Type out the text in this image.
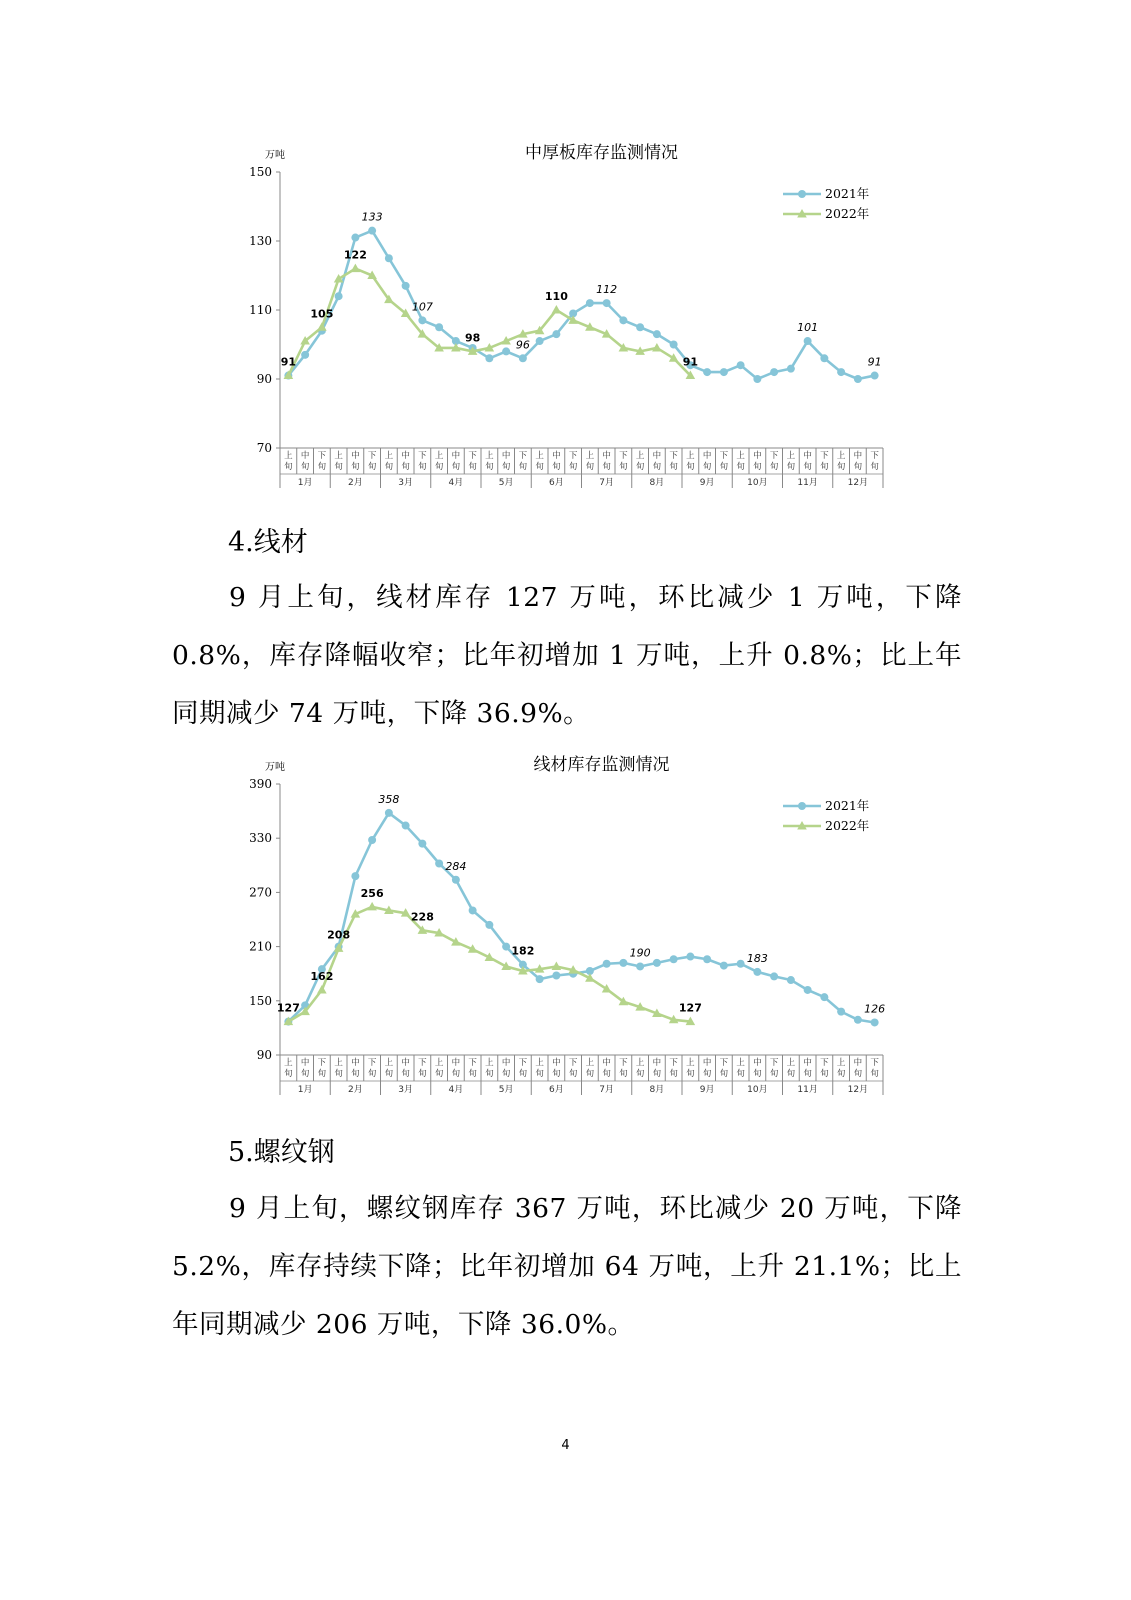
中厚板库存监测情况
万吨
70
90
110
130
150
上
旬
中
旬
下
旬
上
旬
中
旬
下
旬
上
旬
中
旬
下
旬
上
旬
中
旬
下
旬
上
旬
中
旬
下
旬
上
旬
中
旬
下
旬
上
旬
中
旬
下
旬
上
旬
中
旬
下
旬
上
旬
中
旬
下
旬
上
旬
中
旬
下
旬
上
旬
中
旬
下
旬
上
旬
中
旬
下
旬
1月	2月	3月	4月	5月	6月	7月	8月	9月	10月	11月	12月
2021年
2022年
91
105
122
133
107
98
96
110
112
91
101
91
4.线材
9 月上旬，线材库存 127 万吨，环比减少 1 万吨，下降 0.8%，库存降幅收窄；比年初增加 1 万吨，上升 0.8%；比上年同期减少 74 万吨，下降 36.9%。
线材库存监测情况
万吨
90
150
210
270
330
390
上
旬
中
旬
下
旬
上
旬
中
旬
下
旬
上
旬
中
旬
下
旬
上
旬
中
旬
下
旬
上
旬
中
旬
下
旬
上
旬
中
旬
下
旬
上
旬
中
旬
下
旬
上
旬
中
旬
下
旬
上
旬
中
旬
下
旬
上
旬
中
旬
下
旬
上
旬
中
旬
下
旬
上
旬
中
旬
下
旬
1月	2月	3月	4月	5月	6月	7月	8月	9月	10月	11月	12月
2021年
2022年
127
162
208
256
358
228
284
182	190
127
183
126
5.螺纹钢
9 月上旬，螺纹钢库存 367 万吨，环比减少 20 万吨，下降 5.2%，库存持续下降；比年初增加 64 万吨，上升 21.1%；比上年同期减少 206 万吨，下降 36.0%。
4
